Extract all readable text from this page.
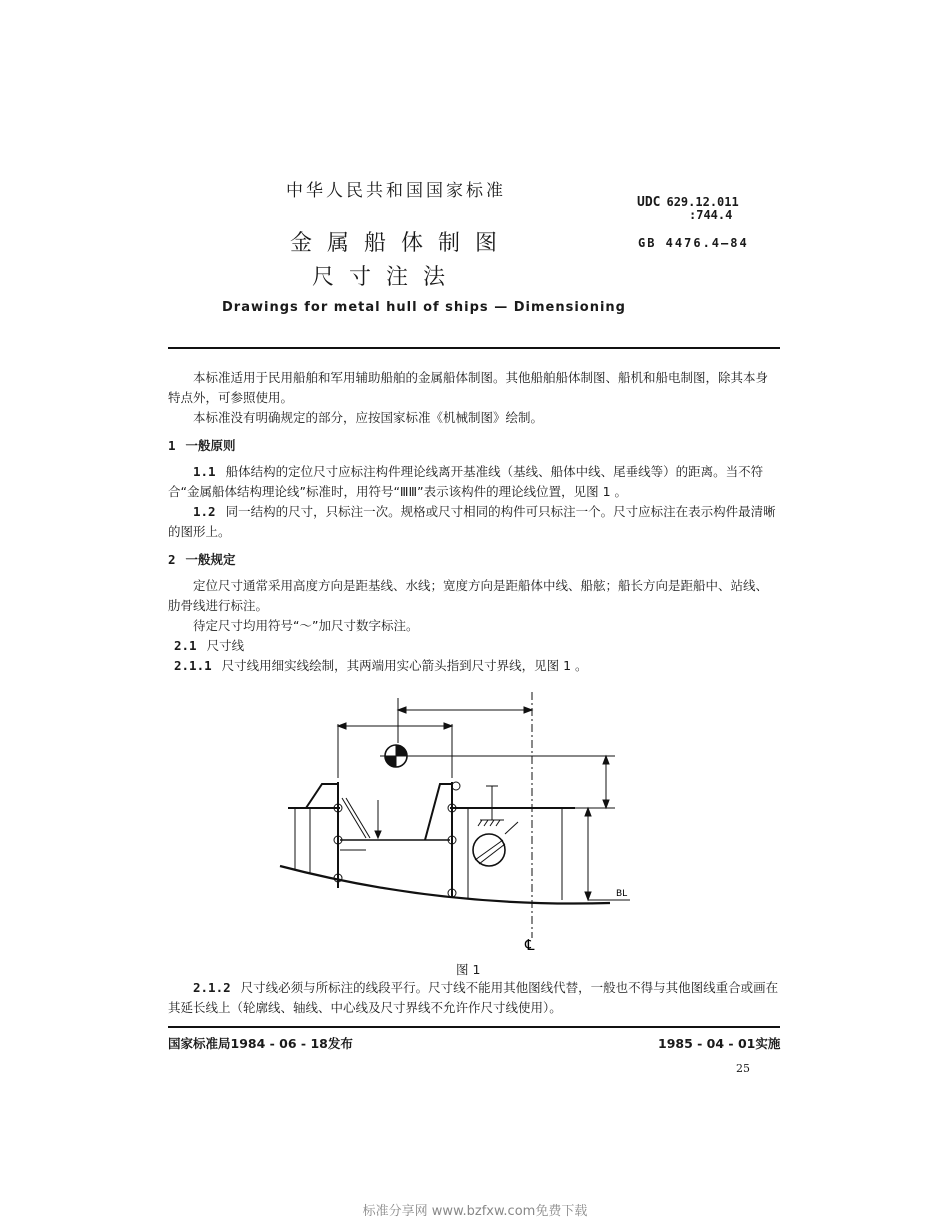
中华人民共和国国家标准
金属船体制图
尺寸注法
Drawings for metal hull of ships — Dimensioning
UDC 629.12.011
:744.4
GB 4476.4—84

本标准适用于民用船舶和军用辅助船舶的金属船体制图。其他船舶船体制图、船机和船电制图，除其本身特点外，可参照使用。

本标准没有明确规定的部分，应按国家标准《机械制图》绘制。

1 一般原则

1.1 船体结构的定位尺寸应标注构件理论线离开基准线（基线、船体中线、尾垂线等）的距离。当不符合“金属船体结构理论线”标准时，用符号“ⅢⅢ”表示该构件的理论线位置，见图 1 。

1.2 同一结构的尺寸，只标注一次。规格或尺寸相同的构件可只标注一个。尺寸应标注在表示构件最清晰的图形上。

2 一般规定

定位尺寸通常采用高度方向是距基线、水线；宽度方向是距船体中线、船舷；船长方向是距船中、站线、肋骨线进行标注。

待定尺寸均用符号“～”加尺寸数字标注。

2.1 尺寸线

2.1.1 尺寸线用细实线绘制，其两端用实心箭头指到尺寸界线，见图 1 。

BL
℄
图 1

2.1.2 尺寸线必须与所标注的线段平行。尺寸线不能用其他图线代替，一般也不得与其他图线重合或画在其延长线上（轮廓线、轴线、中心线及尺寸界线不允许作尺寸线使用）。

国家标准局1984 - 06 - 18发布	1985 - 04 - 01实施
25
标准分享网 www.bzfxw.com免费下载
